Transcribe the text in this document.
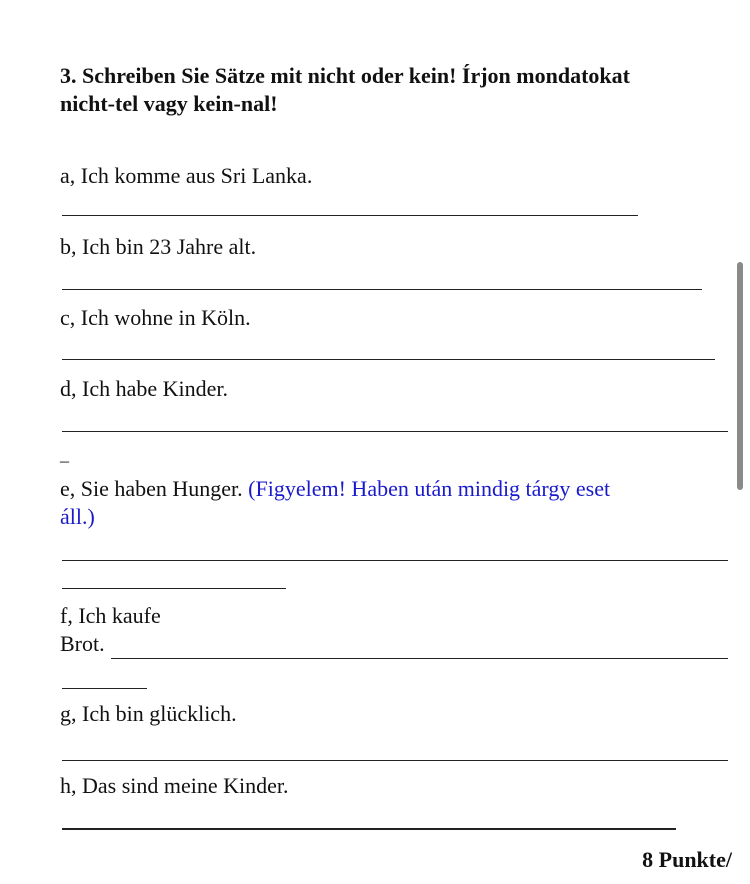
3. Schreiben Sie Sätze mit nicht oder kein! Írjon mondatokat
nicht-tel vagy kein-nal!
a, Ich komme aus Sri Lanka.
b, Ich bin 23 Jahre alt.
c, Ich wohne in Köln.
d, Ich habe Kinder.
_
e, Sie haben Hunger. (Figyelem! Haben után mindig tárgy eset
áll.)
f, Ich kaufe
Brot.
g, Ich bin glücklich.
h, Das sind meine Kinder.
8 Punkte/
